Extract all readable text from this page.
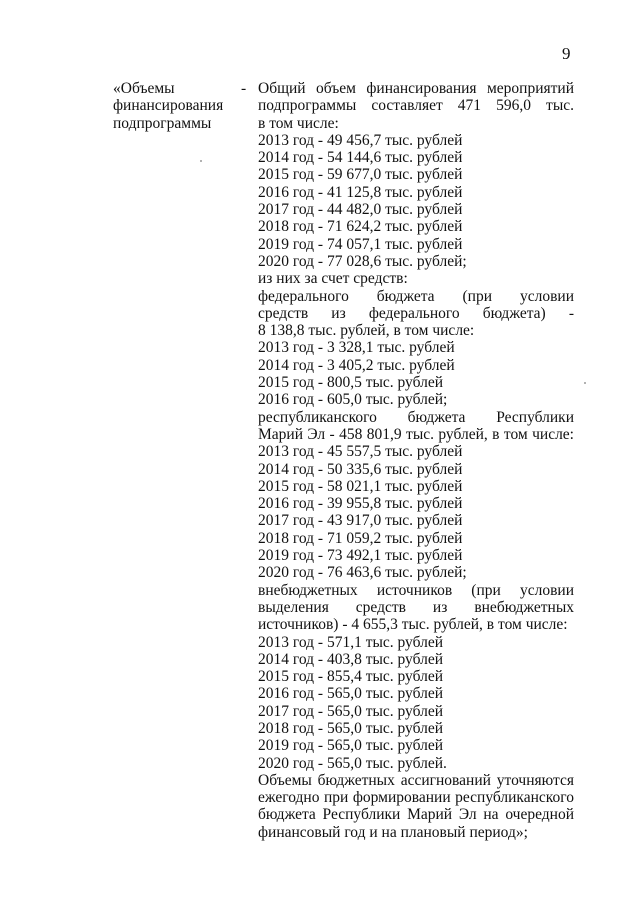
9
«Объемы
финансирования
подпрограммы
- Общий объем финансирования мероприятий
подпрограммы составляет 471 596,0 тыс.
в том числе:
2013 год - 49 456,7 тыс. рублей
2014 год - 54 144,6 тыс. рублей
2015 год - 59 677,0 тыс. рублей
2016 год - 41 125,8 тыс. рублей
2017 год - 44 482,0 тыс. рублей
2018 год - 71 624,2 тыс. рублей
2019 год - 74 057,1 тыс. рублей
2020 год - 77 028,6 тыс. рублей;
из них за счет средств:
федерального бюджета (при условии
средств из федерального бюджета) -
8 138,8 тыс. рублей, в том числе:
2013 год - 3 328,1 тыс. рублей
2014 год - 3 405,2 тыс. рублей
2015 год - 800,5 тыс. рублей
2016 год - 605,0 тыс. рублей;
республиканского бюджета Республики
Марий Эл - 458 801,9 тыс. рублей, в том числе:
2013 год - 45 557,5 тыс. рублей
2014 год - 50 335,6 тыс. рублей
2015 год - 58 021,1 тыс. рублей
2016 год - 39 955,8 тыс. рублей
2017 год - 43 917,0 тыс. рублей
2018 год - 71 059,2 тыс. рублей
2019 год - 73 492,1 тыс. рублей
2020 год - 76 463,6 тыс. рублей;
внебюджетных источников (при условии
выделения средств из внебюджетных
источников) - 4 655,3 тыс. рублей, в том числе:
2013 год - 571,1 тыс. рублей
2014 год - 403,8 тыс. рублей
2015 год - 855,4 тыс. рублей
2016 год - 565,0 тыс. рублей
2017 год - 565,0 тыс. рублей
2018 год - 565,0 тыс. рублей
2019 год - 565,0 тыс. рублей
2020 год - 565,0 тыс. рублей.
Объемы бюджетных ассигнований уточняются
ежегодно при формировании республиканского
бюджета Республики Марий Эл на очередной
финансовый год и на плановый период»;
